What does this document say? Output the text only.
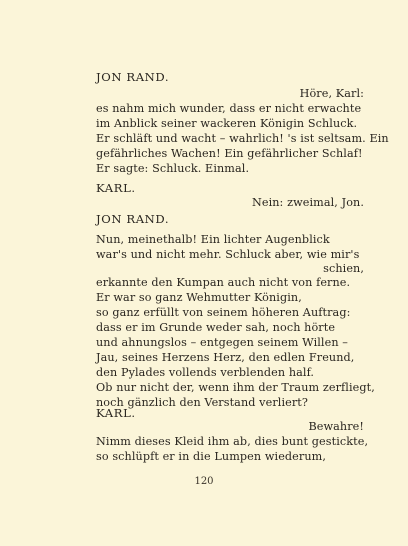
JON RAND.
Höre, Karl:
es nahm mich wunder, dass er nicht erwachte
im Anblick seiner wackeren Königin Schluck.
Er schläft und wacht – wahrlich! 's ist seltsam. Ein
gefährliches Wachen! Ein gefährlicher Schlaf!
Er sagte: Schluck. Einmal.
KARL.
Nein: zweimal, Jon.
JON RAND.
Nun, meinethalb! Ein lichter Augenblick
war's und nicht mehr. Schluck aber, wie mir's
schien,
erkannte den Kumpan auch nicht von ferne.
Er war so ganz Wehmutter Königin,
so ganz erfüllt von seinem höheren Auftrag:
dass er im Grunde weder sah, noch hörte
und ahnungslos – entgegen seinem Willen –
Jau, seines Herzens Herz, den edlen Freund,
den Pylades vollends verblenden half.
Ob nur nicht der, wenn ihm der Traum zerfliegt,
noch gänzlich den Verstand verliert?
KARL.
Bewahre!
Nimm dieses Kleid ihm ab, dies bunt gestickte,
so schlüpft er in die Lumpen wiederum,
120
